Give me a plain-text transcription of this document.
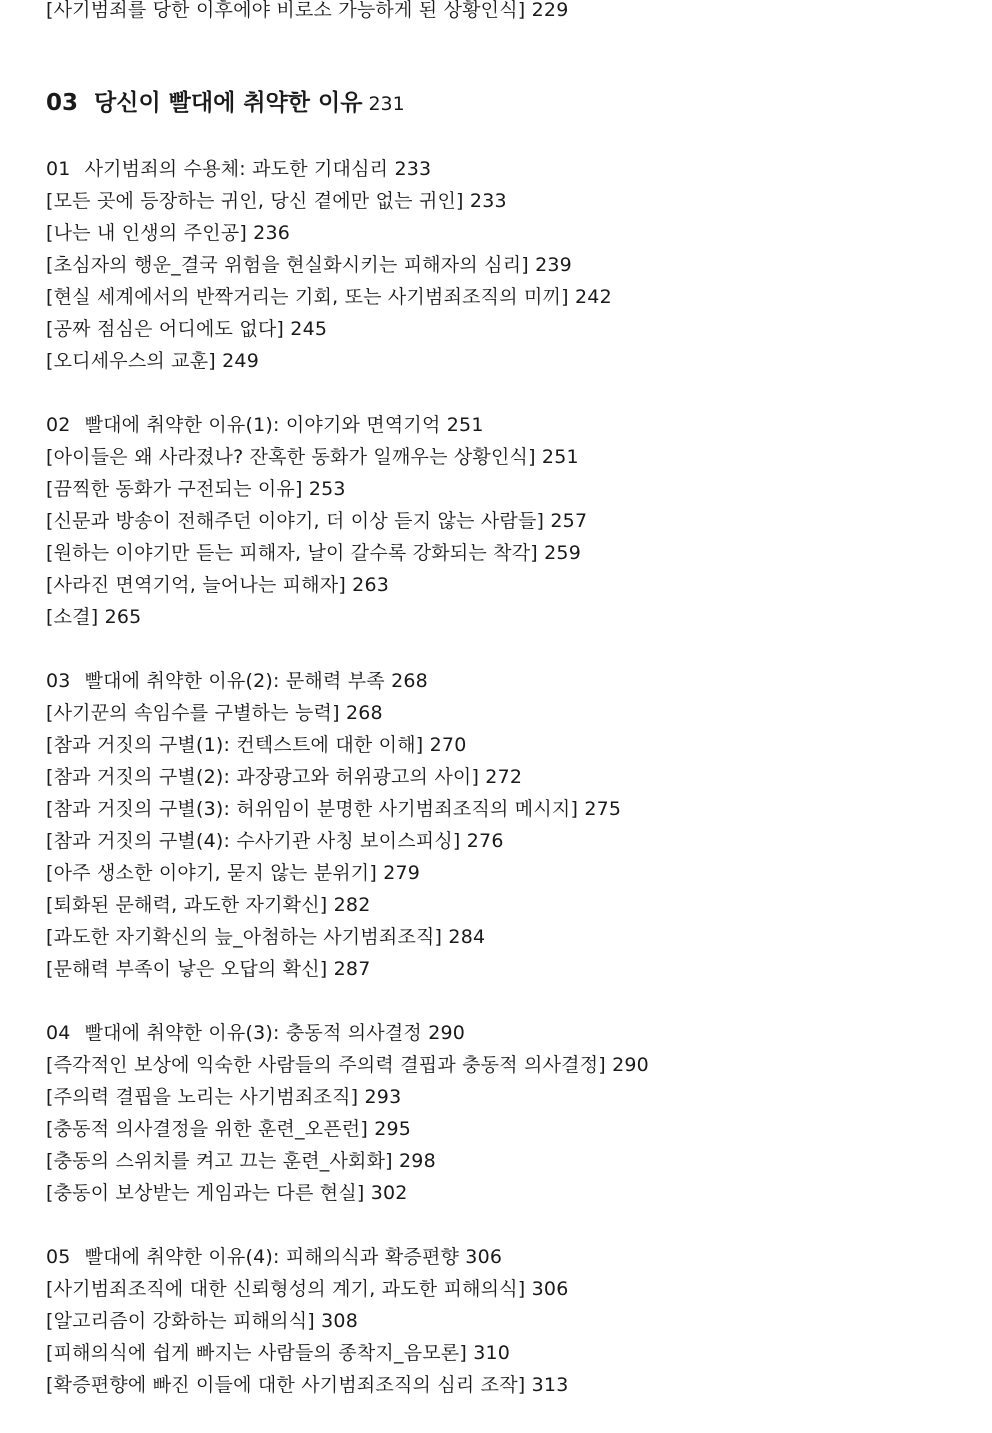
[사기범죄를 당한 이후에야 비로소 가능하게 된 상황인식] 229
03 당신이 빨대에 취약한 이유 231
01 사기범죄의 수용체: 과도한 기대심리 233
[모든 곳에 등장하는 귀인, 당신 곁에만 없는 귀인] 233
[나는 내 인생의 주인공] 236
[초심자의 행운_결국 위험을 현실화시키는 피해자의 심리] 239
[현실 세계에서의 반짝거리는 기회, 또는 사기범죄조직의 미끼] 242
[공짜 점심은 어디에도 없다] 245
[오디세우스의 교훈] 249
02 빨대에 취약한 이유(1): 이야기와 면역기억 251
[아이들은 왜 사라졌나? 잔혹한 동화가 일깨우는 상황인식] 251
[끔찍한 동화가 구전되는 이유] 253
[신문과 방송이 전해주던 이야기, 더 이상 듣지 않는 사람들] 257
[원하는 이야기만 듣는 피해자, 날이 갈수록 강화되는 착각] 259
[사라진 면역기억, 늘어나는 피해자] 263
[소결] 265
03 빨대에 취약한 이유(2): 문해력 부족 268
[사기꾼의 속임수를 구별하는 능력] 268
[참과 거짓의 구별(1): 컨텍스트에 대한 이해] 270
[참과 거짓의 구별(2): 과장광고와 허위광고의 사이] 272
[참과 거짓의 구별(3): 허위임이 분명한 사기범죄조직의 메시지] 275
[참과 거짓의 구별(4): 수사기관 사칭 보이스피싱] 276
[아주 생소한 이야기, 묻지 않는 분위기] 279
[퇴화된 문해력, 과도한 자기확신] 282
[과도한 자기확신의 늪_아첨하는 사기범죄조직] 284
[문해력 부족이 낳은 오답의 확신] 287
04 빨대에 취약한 이유(3): 충동적 의사결정 290
[즉각적인 보상에 익숙한 사람들의 주의력 결핍과 충동적 의사결정] 290
[주의력 결핍을 노리는 사기범죄조직] 293
[충동적 의사결정을 위한 훈련_오픈런] 295
[충동의 스위치를 켜고 끄는 훈련_사회화] 298
[충동이 보상받는 게임과는 다른 현실] 302
05 빨대에 취약한 이유(4): 피해의식과 확증편향 306
[사기범죄조직에 대한 신뢰형성의 계기, 과도한 피해의식] 306
[알고리즘이 강화하는 피해의식] 308
[피해의식에 쉽게 빠지는 사람들의 종착지_음모론] 310
[확증편향에 빠진 이들에 대한 사기범죄조직의 심리 조작] 313
